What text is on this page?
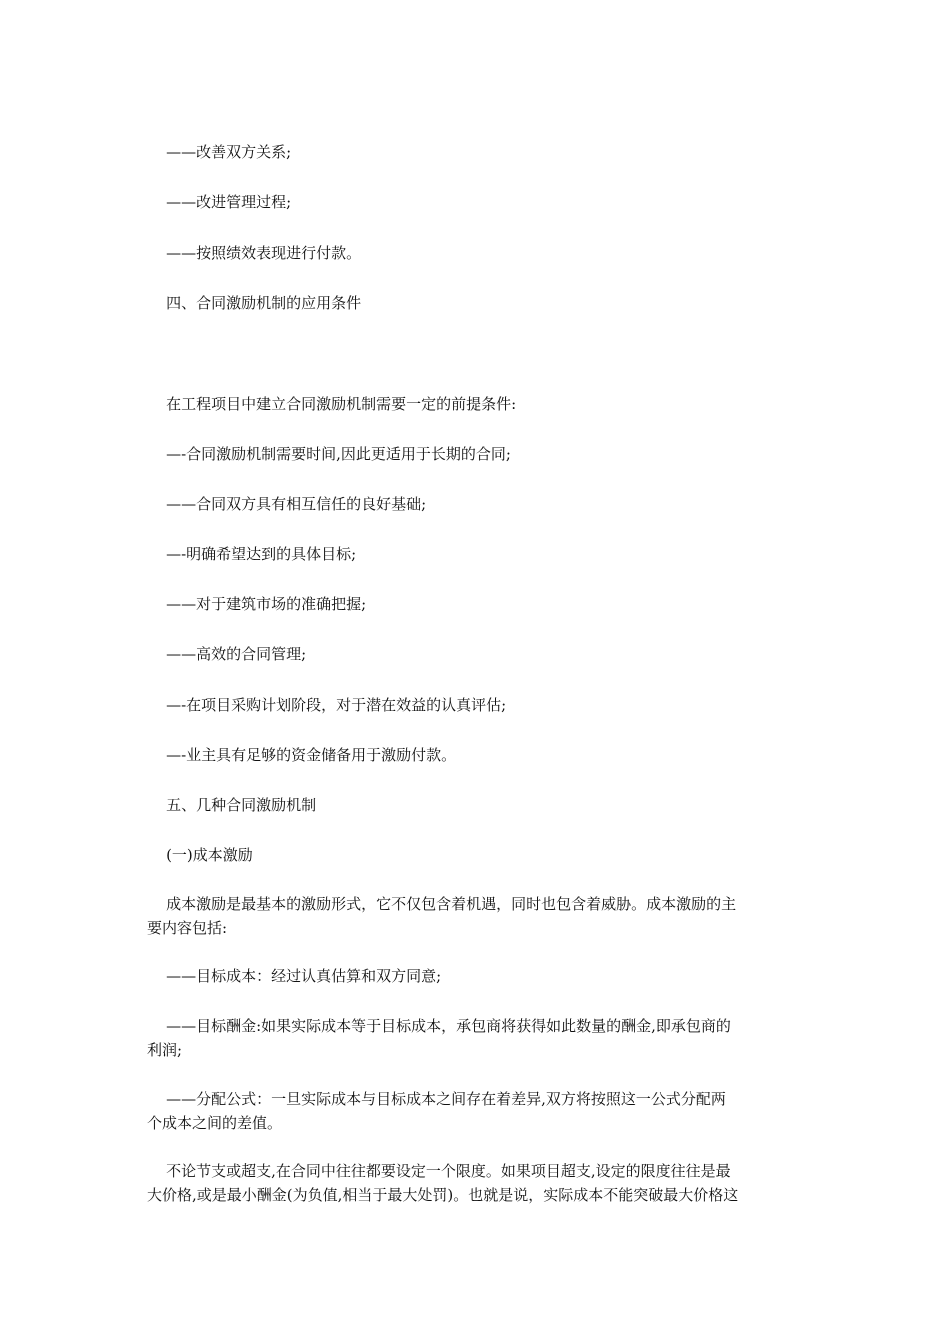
——改善双方关系;

——改进管理过程;

——按照绩效表现进行付款。

四、合同激励机制的应用条件

在工程项目中建立合同激励机制需要一定的前提条件:

—-合同激励机制需要时间,因此更适用于长期的合同;

——合同双方具有相互信任的良好基础;

—-明确希望达到的具体目标;

——对于建筑市场的准确把握;

——高效的合同管理;

—-在项目采购计划阶段，对于潜在效益的认真评估;

—-业主具有足够的资金储备用于激励付款。

五、几种合同激励机制

(一)成本激励

成本激励是最基本的激励形式，它不仅包含着机遇，同时也包含着威胁。成本激励的主
要内容包括:
——目标成本：经过认真估算和双方同意;
——目标酬金:如果实际成本等于目标成本，承包商将获得如此数量的酬金,即承包商的
利润;
——分配公式：一旦实际成本与目标成本之间存在着差异,双方将按照这一公式分配两
个成本之间的差值。
不论节支或超支,在合同中往往都要设定一个限度。如果项目超支,设定的限度往往是最
大价格,或是最小酬金(为负值,相当于最大处罚)。也就是说，实际成本不能突破最大价格这
